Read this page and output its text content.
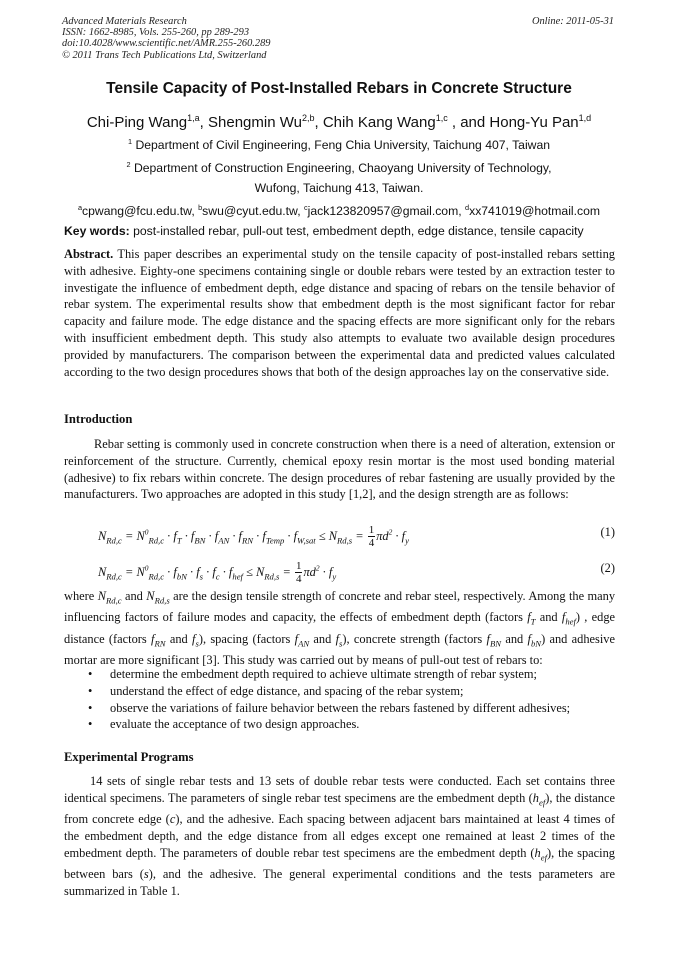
Advanced Materials Research
ISSN: 1662-8985, Vols. 255-260, pp 289-293
doi:10.4028/www.scientific.net/AMR.255-260.289
© 2011 Trans Tech Publications Ltd, Switzerland
Online: 2011-05-31
Tensile Capacity of Post-Installed Rebars in Concrete Structure
Chi-Ping Wang$^{1,a}$, Shengmin Wu$^{2,b}$, Chih Kang Wang$^{1,c}$ , and Hong-Yu Pan$^{1,d}$
$^1$ Department of Civil Engineering, Feng Chia University, Taichung 407, Taiwan
$^2$ Department of Construction Engineering, Chaoyang University of Technology,
Wufong, Taichung 413, Taiwan.
$^a$cpwang@fcu.edu.tw, $^b$swu@cyut.edu.tw, $^c$jack123820957@gmail.com, $^d$xx741019@hotmail.com
Key words: post-installed rebar, pull-out test, embedment depth, edge distance, tensile capacity

Abstract. This paper describes an experimental study on the tensile capacity of post-installed rebars setting with adhesive. Eighty-one specimens containing single or double rebars were tested by an extraction tester to investigate the influence of embedment depth, edge distance and spacing of rebars on the tensile behavior of rebar system. The experimental results show that embedment depth is the most significant factor for rebar capacity and failure mode. The edge distance and the spacing effects are more significant only for the rebars with insufficient embedment depth. This study also attempts to evaluate two available design procedures provided by manufacturers. The comparison between the experimental data and predicted values calculated according to the two design procedures shows that both of the design approaches lay on the conservative side.

Introduction

Rebar setting is commonly used in concrete construction when there is a need of alteration, extension or reinforcement of the structure. Currently, chemical epoxy resin mortar is the most used bonding material (adhesive) to fix rebars within concrete. The design procedures of rebar fastening are usually provided by the manufacturers. Two approaches are adopted in this study [1,2], and the design strength are as follows:

$N_{Rd,c} = N^0_{Rd,c} \cdot f_T \cdot f_{BN} \cdot f_{AN} \cdot f_{RN} \cdot f_{Temp} \cdot f_{W,sat} \le N_{Rd,s} = \frac{1}{4} \pi d^2 \cdot f_y$
(1)
$N_{Rd,c} = N^0_{Rd,c} \cdot f_{bN} \cdot f_s \cdot f_c \cdot f_{hef} \le N_{Rd,s} = \frac{1}{4} \pi d^2 \cdot f_y$
(2)

where $N_{Rd,c}$ and $N_{Rd,s}$ are the design tensile strength of concrete and rebar steel, respectively. Among the many influencing factors of failure modes and capacity, the effects of embedment depth (factors $f_T$ and $f_{hef}$) , edge distance (factors $f_{RN}$ and $f_s$), spacing (factors $f_{AN}$ and $f_s$), concrete strength (factors $f_{BN}$ and $f_{bN}$) and adhesive mortar are more significant [3]. This study was carried out by means of pull-out test of rebars to:

• determine the embedment depth required to achieve ultimate strength of rebar system;
• understand the effect of edge distance, and spacing of the rebar system;
• observe the variations of failure behavior between the rebars fastened by different adhesives;
• evaluate the acceptance of two design approaches.
Experimental Programs

14 sets of single rebar tests and 13 sets of double rebar tests were conducted. Each set contains three identical specimens. The parameters of single rebar test specimens are the embedment depth $(h_{ef})$, the distance from concrete edge (c), and the adhesive. Each spacing between adjacent bars maintained at least 4 times of the embedment depth, and the edge distance from all edges except one remained at least 2 times of the embedment depth. The parameters of double rebar test specimens are the embedment depth $(h_{ef})$, the spacing between bars (s), and the adhesive. The general experimental conditions and the tests parameters are summarized in Table 1.
